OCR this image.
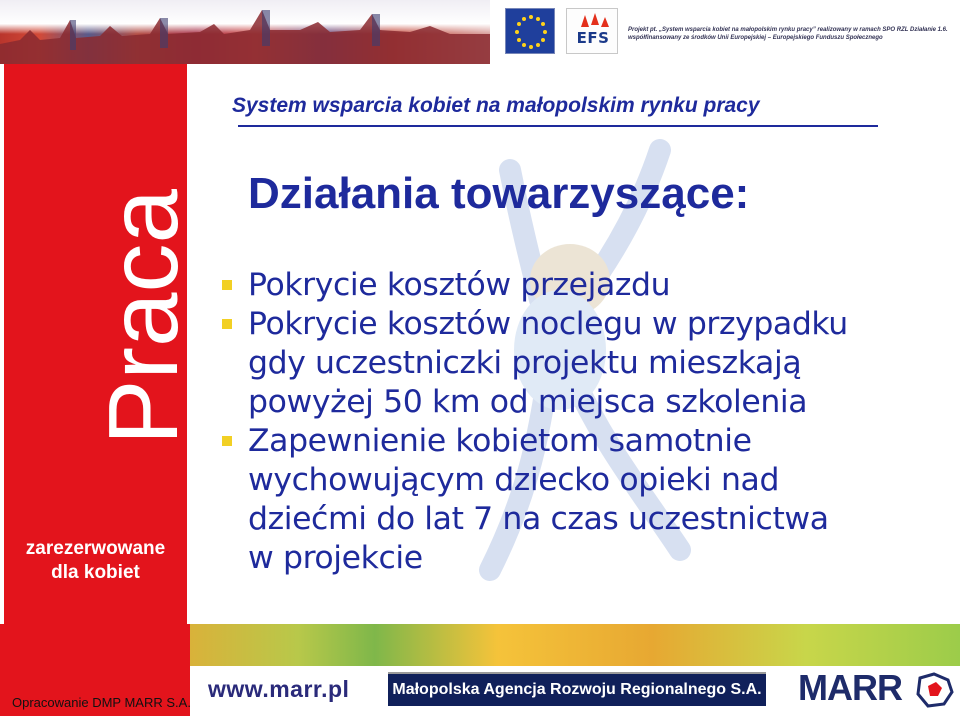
EFS	Projekt pt. „System wsparcia kobiet na małopolskim rynku pracy” realizowany w ramach SPO RZL Działanie 1.6. współfinansowany ze środków Unii Europejskiej – Europejskiego Funduszu Społecznego
Praca
zarezerwowane
dla kobiet
System wsparcia kobiet na małopolskim rynku pracy
Działania towarzyszące:
Pokrycie kosztów przejazdu
Pokrycie kosztów noclegu w przypadku
gdy uczestniczki projektu mieszkają
powyżej 50 km od miejsca szkolenia
Zapewnienie kobietom samotnie
wychowującym dziecko opieki nad
dziećmi do lat 7 na czas uczestnictwa
w projekcie
Opracowanie DMP MARR S.A.
www.marr.pl	Małopolska Agencja Rozwoju Regionalnego S.A. MARR
